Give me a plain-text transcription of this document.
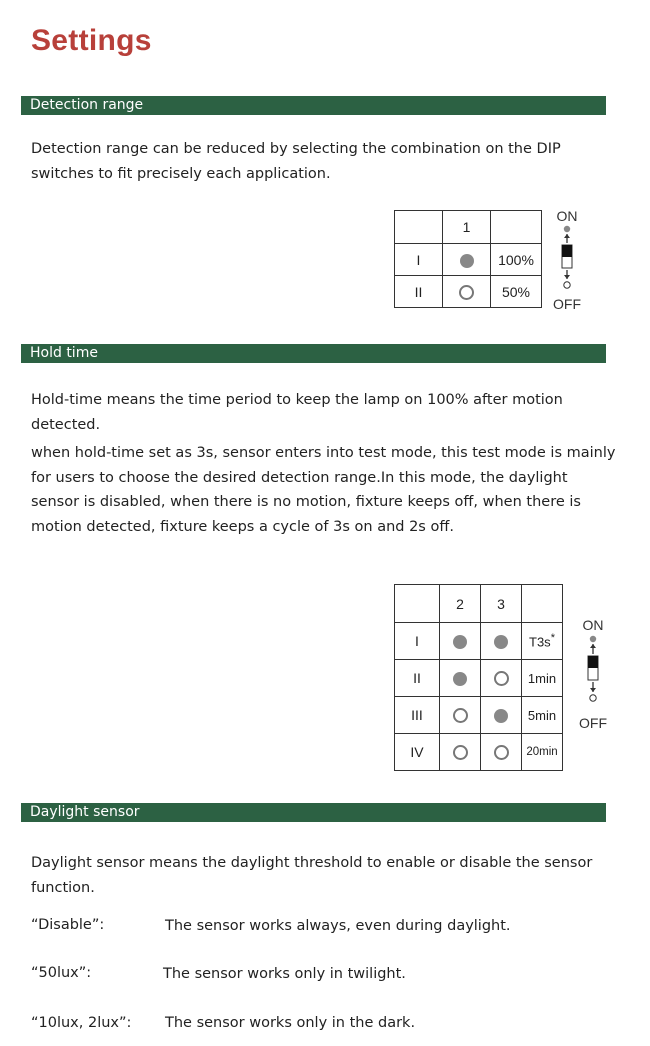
Settings
Detection range

Detection range can be reduced by selecting the combination on the DIP
switches to fit precisely each application.

	1	
I		100%
II		50%
ON
OFF
Hold time

Hold-time means the time period to keep the lamp on 100% after motion
detected.

when hold-time set as 3s, sensor enters into test mode, this test mode is mainly
for users to choose the desired detection range.In this mode, the daylight
sensor is disabled, when there is no motion, fixture keeps off, when there is
motion detected, fixture keeps a cycle of 3s on and 2s off.

	2	3	
I			T3s*
II			1min
III			5min
IV			20min
ON
OFF
Daylight sensor

Daylight sensor means the daylight threshold to enable or disable the sensor
function.

“Disable”:	The sensor works always, even during daylight.

“50lux”:	The sensor works only in twilight.

“10lux, 2lux”: The sensor works only in the dark.
